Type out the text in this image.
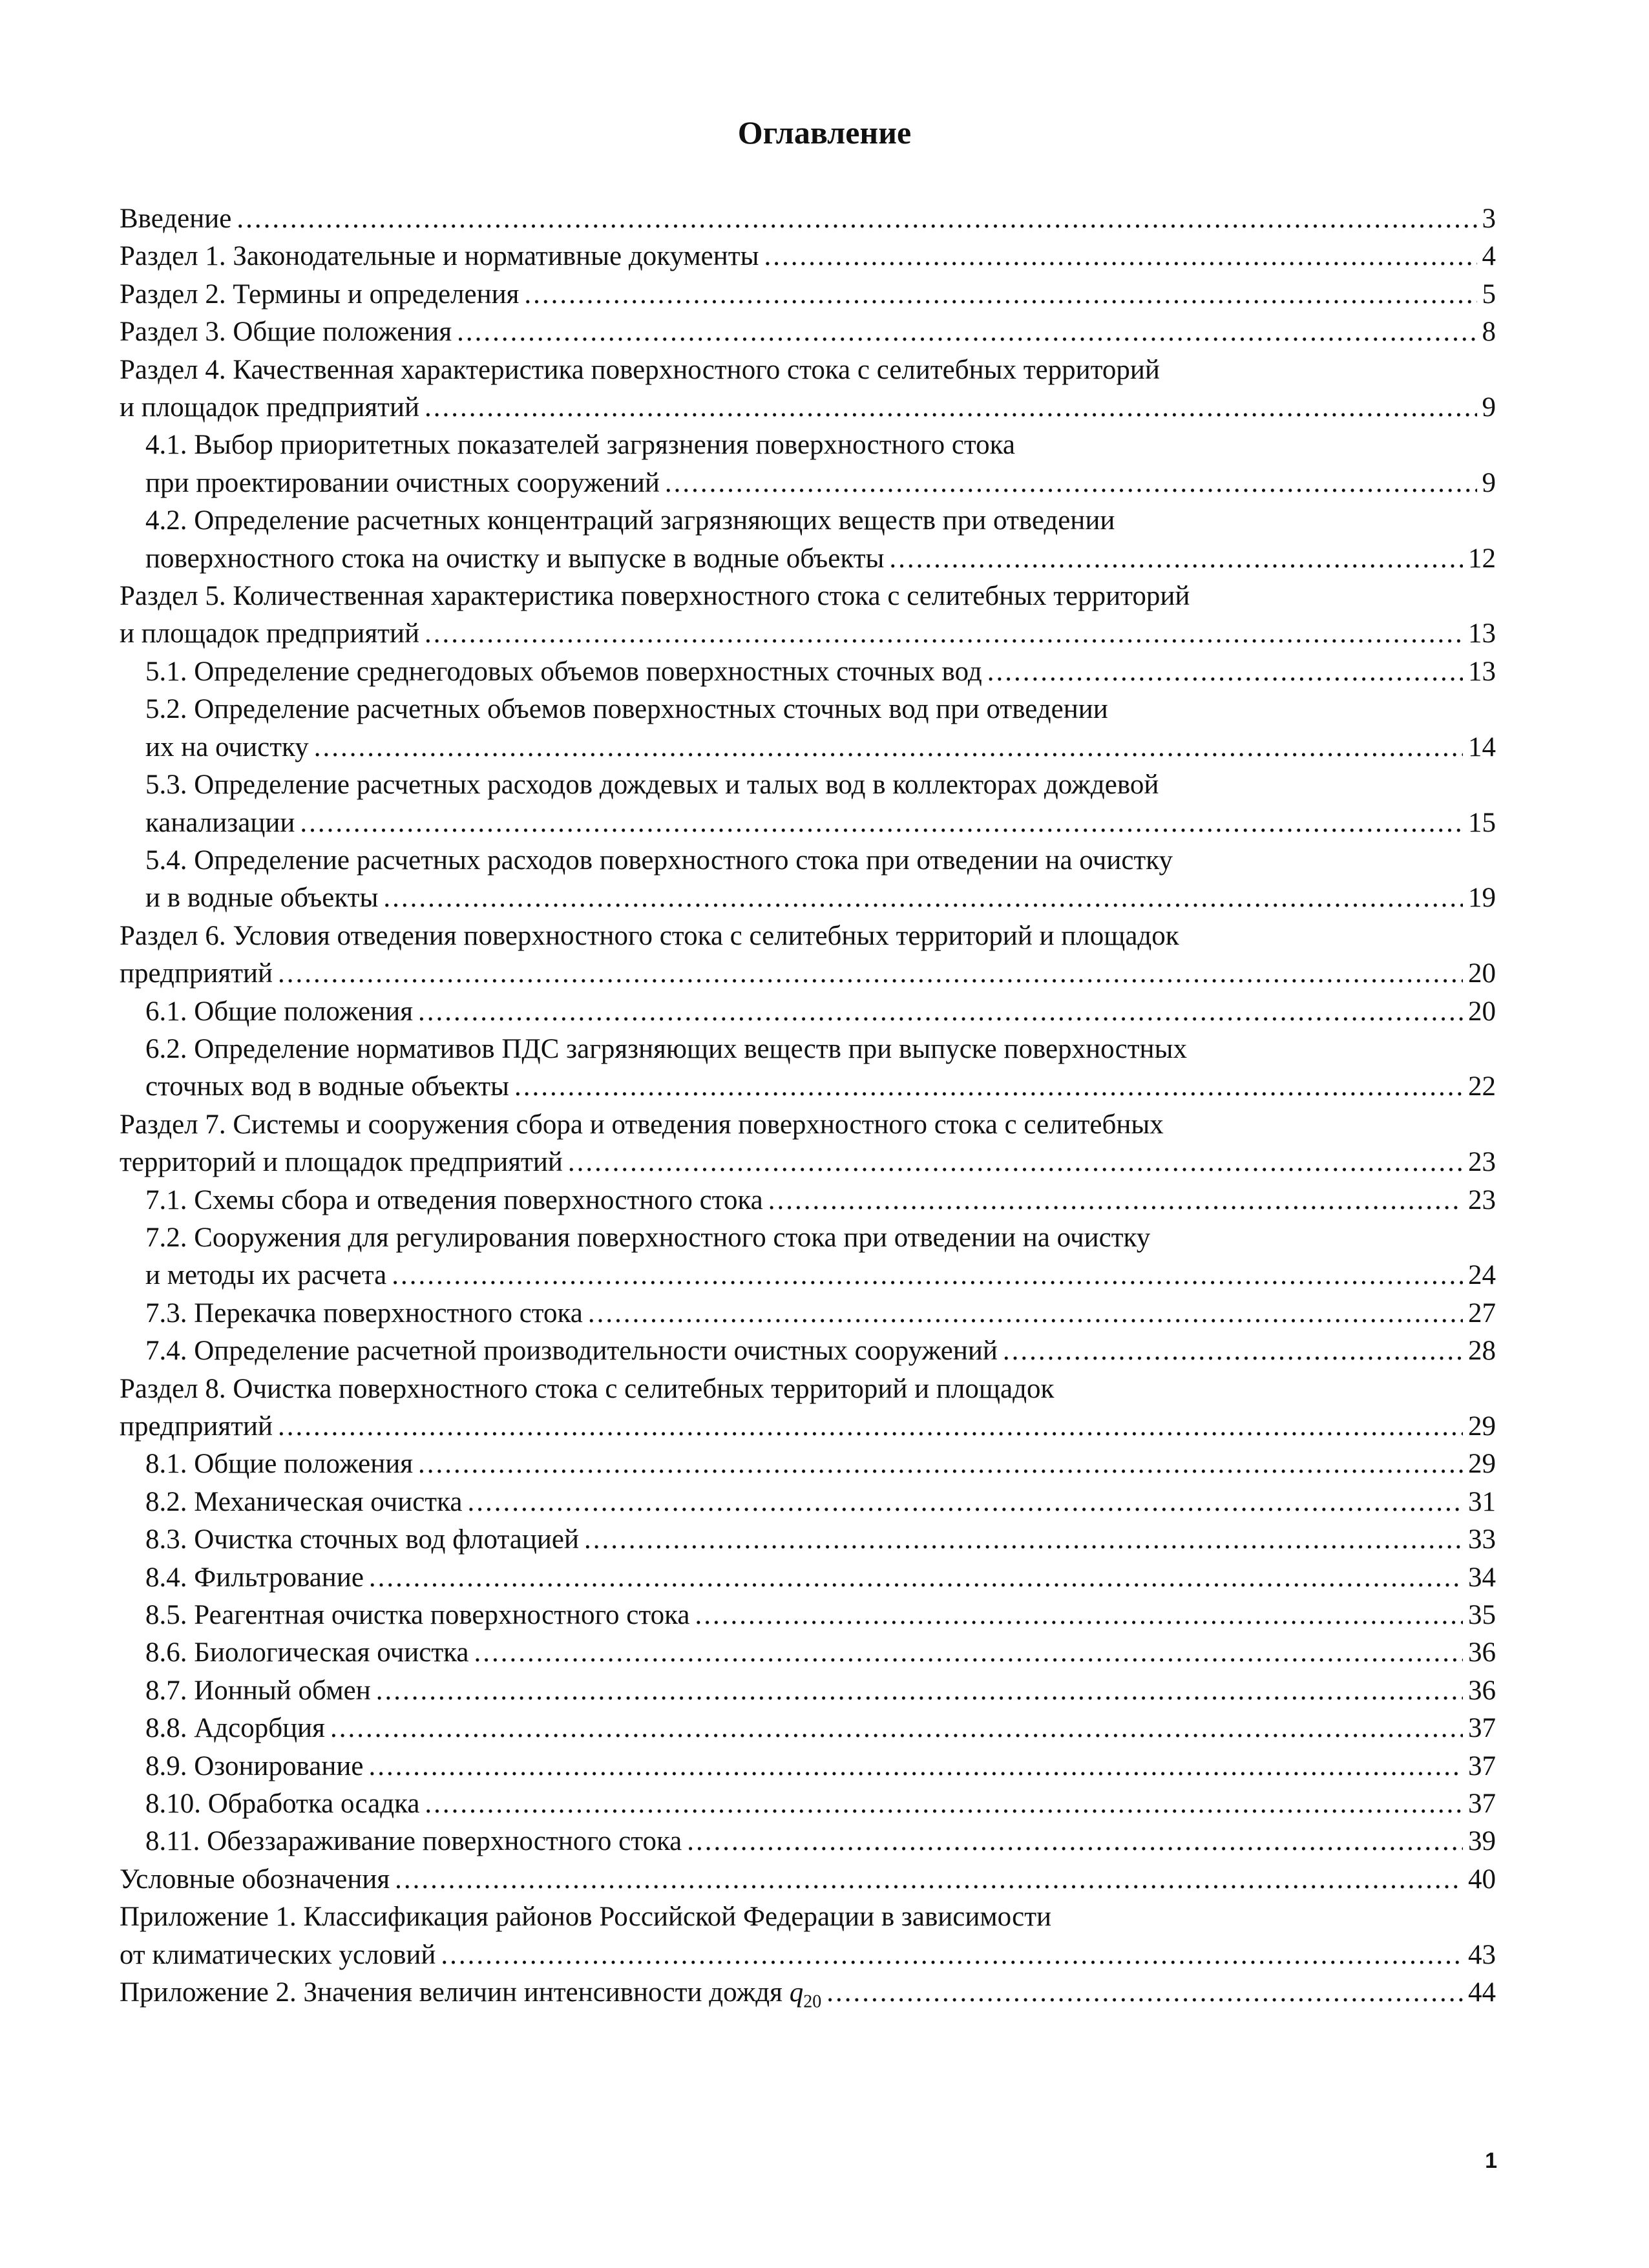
Оглавление
Введение .....	3
Раздел 1. Законодательные и нормативные документы .....	4
Раздел 2. Термины и определения .....	5
Раздел 3. Общие положения .....	8
Раздел 4. Качественная характеристика поверхностного стока с селитебных территорий
и площадок предприятий .....	9
4.1. Выбор приоритетных показателей загрязнения поверхностного стока
при проектировании очистных сооружений .....	9
4.2. Определение расчетных концентраций загрязняющих веществ при отведении
поверхностного стока на очистку и выпуске в водные объекты .....	12
Раздел 5. Количественная характеристика поверхностного стока с селитебных территорий
и площадок предприятий .....	13
5.1. Определение среднегодовых объемов поверхностных сточных вод .....	13
5.2. Определение расчетных объемов поверхностных сточных вод при отведении
их на очистку .....	14
5.3. Определение расчетных расходов дождевых и талых вод в коллекторах дождевой
канализации .....	15
5.4. Определение расчетных расходов поверхностного стока при отведении на очистку
и в водные объекты .....	19
Раздел 6. Условия отведения поверхностного стока с селитебных территорий и площадок
предприятий .....	20
6.1. Общие положения .....	20
6.2. Определение нормативов ПДС загрязняющих веществ при выпуске поверхностных
сточных вод в водные объекты .....	22
Раздел 7. Системы и сооружения сбора и отведения поверхностного стока с селитебных
территорий и площадок предприятий .....	23
7.1. Схемы сбора и отведения поверхностного стока .....	23
7.2. Сооружения для регулирования поверхностного стока при отведении на очистку
и методы их расчета .....	24
7.3. Перекачка поверхностного стока .....	27
7.4. Определение расчетной производительности очистных сооружений .....	28
Раздел 8. Очистка поверхностного стока с селитебных территорий и площадок
предприятий .....	29
8.1. Общие положения .....	29
8.2. Механическая очистка .....	31
8.3. Очистка сточных вод флотацией .....	33
8.4. Фильтрование .....	34
8.5. Реагентная очистка поверхностного стока .....	35
8.6. Биологическая очистка .....	36
8.7. Ионный обмен .....	36
8.8. Адсорбция .....	37
8.9. Озонирование .....	37
8.10. Обработка осадка .....	37
8.11. Обеззараживание поверхностного стока .....	39
Условные обозначения .....	40
Приложение 1. Классификация районов Российской Федерации в зависимости
от климатических условий .....	43
Приложение 2. Значения величин интенсивности дождя $q_{20}$ .....	44
1
